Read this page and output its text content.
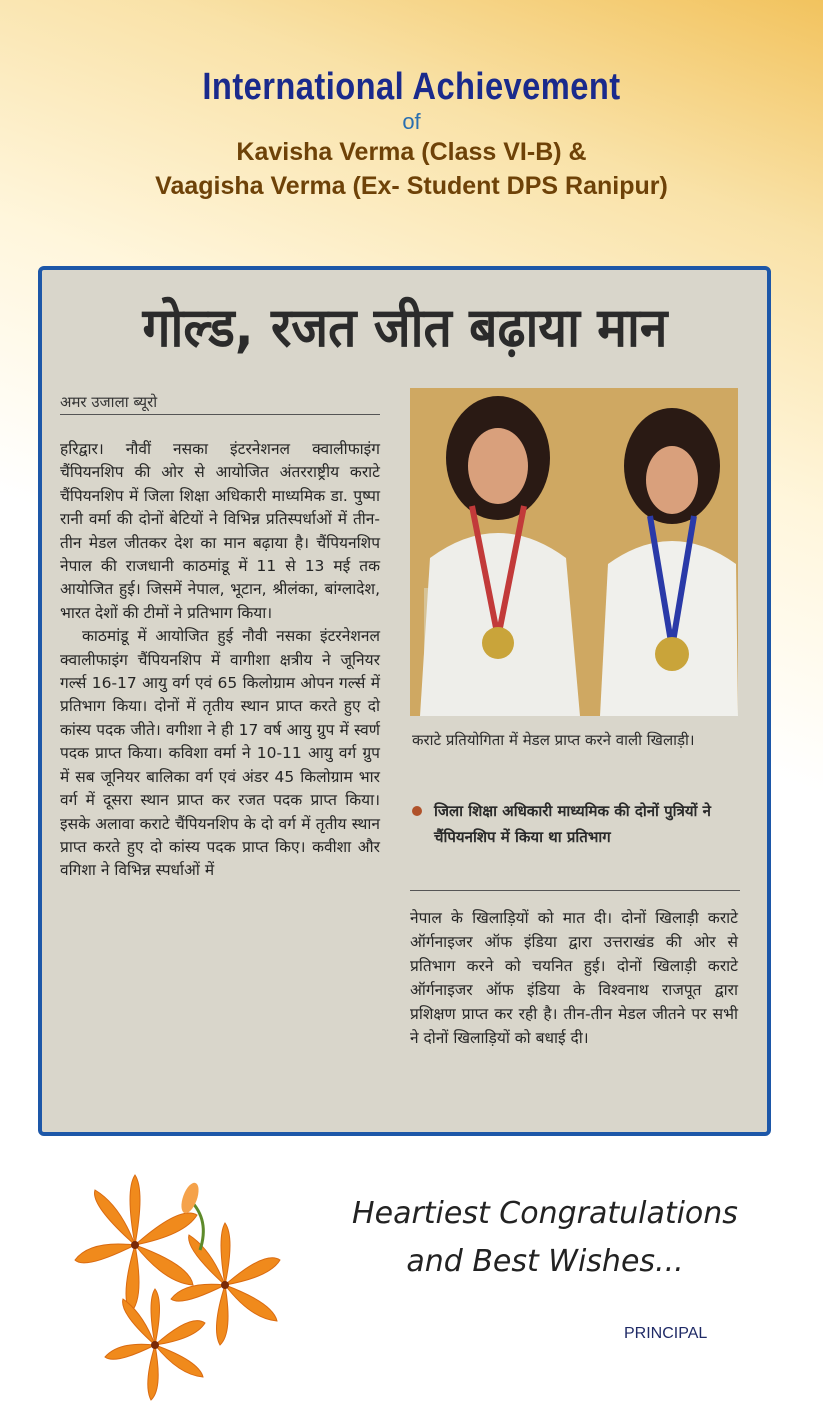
International Achievement
of
Kavisha Verma (Class VI-B) &
Vaagisha Verma (Ex- Student DPS Ranipur)
गोल्ड, रजत जीत बढ़ाया मान
अमर उजाला ब्यूरो

हरिद्वार। नौवीं नसका इंटरनेशनल क्वालीफाइंग चैंपियनशिप की ओर से आयोजित अंतरराष्ट्रीय कराटे चैंपियनशिप में जिला शिक्षा अधिकारी माध्यमिक डा. पुष्पा रानी वर्मा की दोनों बेटियों ने विभिन्न प्रतिस्पर्धाओं में तीन-तीन मेडल जीतकर देश का मान बढ़ाया है। चैंपियनशिप नेपाल की राजधानी काठमांडू में 11 से 13 मई तक आयोजित हुई। जिसमें नेपाल, भूटान, श्रीलंका, बांग्लादेश, भारत देशों की टीमों ने प्रतिभाग किया।

काठमांडू में आयोजित हुई नौवी नसका इंटरनेशनल क्वालीफाइंग चैंपियनशिप में वागीशा क्षत्रीय ने जूनियर गर्ल्स 16-17 आयु वर्ग एवं 65 किलोग्राम ओपन गर्ल्स में प्रतिभाग किया। दोनों में तृतीय स्थान प्राप्त करते हुए दो कांस्य पदक जीते। वगीशा ने ही 17 वर्ष आयु ग्रुप में स्वर्ण पदक प्राप्त किया। कविशा वर्मा ने 10-11 आयु वर्ग ग्रुप में सब जूनियर बालिका वर्ग एवं अंडर 45 किलोग्राम भार वर्ग में दूसरा स्थान प्राप्त कर रजत पदक प्राप्त किया। इसके अलावा कराटे चैंपियनशिप के दो वर्ग में तृतीय स्थान प्राप्त करते हुए दो कांस्य पदक प्राप्त किए। कवीशा और वगिशा ने विभिन्न स्पर्धाओं में

कराटे प्रतियोगिता में मेडल प्राप्त करने वाली खिलाड़ी।
जिला शिक्षा अधिकारी माध्यमिक की दोनों पुत्रियों ने चैंपियनशिप में किया था प्रतिभाग

नेपाल के खिलाड़ियों को मात दी। दोनों खिलाड़ी कराटे ऑर्गनाइजर ऑफ इंडिया द्वारा उत्तराखंड की ओर से प्रतिभाग करने को चयनित हुई। दोनों खिलाड़ी कराटे ऑर्गनाइजर ऑफ इंडिया के विश्वनाथ राजपूत द्वारा प्रशिक्षण प्राप्त कर रही है। तीन-तीन मेडल जीतने पर सभी ने दोनों खिलाड़ियों को बधाई दी।

Heartiest Congratulations
and Best Wishes...
PRINCIPAL
